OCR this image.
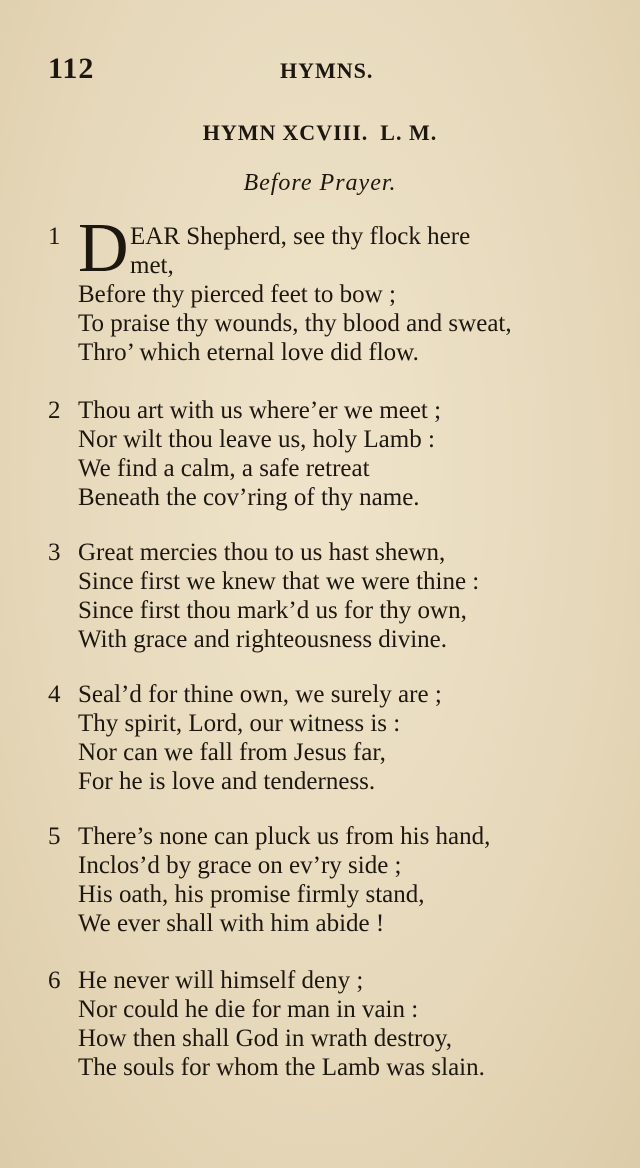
112	HYMNS.
HYMN XCVIII. L. M.
Before Prayer.
1 D EAR Shepherd, see thy flock here
met,
Before thy pierced feet to bow ;
To praise thy wounds, thy blood and sweat,
Thro’ which eternal love did flow.
2 Thou art with us where’er we meet ;
Nor wilt thou leave us, holy Lamb :
We find a calm, a safe retreat
Beneath the cov’ring of thy name.
3 Great mercies thou to us hast shewn,
Since first we knew that we were thine :
Since first thou mark’d us for thy own,
With grace and righteousness divine.
4 Seal’d for thine own, we surely are ;
Thy spirit, Lord, our witness is :
Nor can we fall from Jesus far,
For he is love and tenderness.
5 There’s none can pluck us from his hand,
Inclos’d by grace on ev’ry side ;
His oath, his promise firmly stand,
We ever shall with him abide !
6 He never will himself deny ;
Nor could he die for man in vain :
How then shall God in wrath destroy,
The souls for whom the Lamb was slain.
